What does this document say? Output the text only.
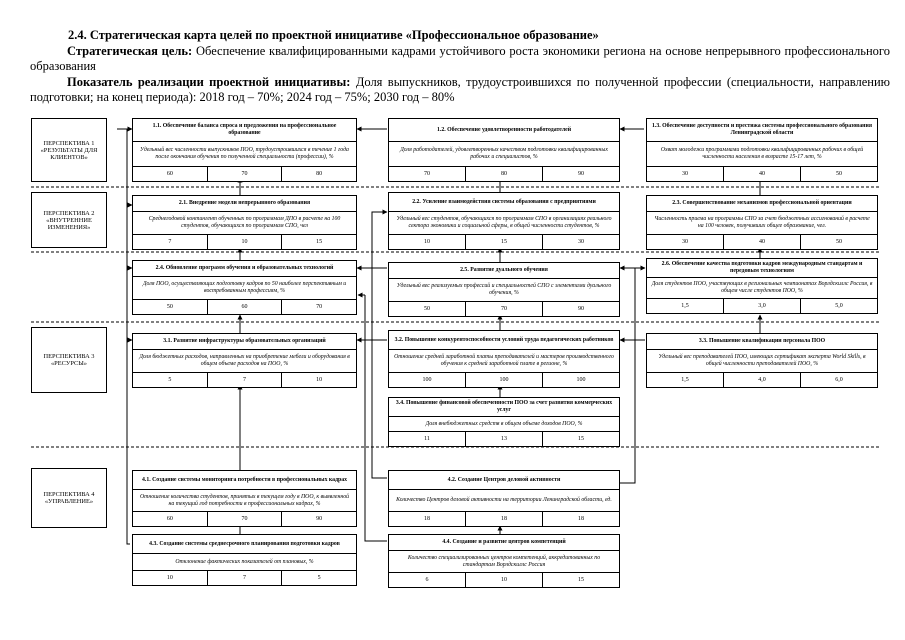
2.4. Стратегическая карта целей по проектной инициативе «Профессиональное образование»
Стратегическая цель: Обеспечение квалифицированными кадрами устойчивого роста экономики региона на основе непрерывного профессионального образования
Показатель реализации проектной инициативы: Доля выпускников, трудоустроившихся по полученной профессии (специальности, направлению подготовки; на конец периода): 2018 год – 70%; 2024 год – 75%; 2030 год – 80%
ПЕРСПЕКТИВА 1 «РЕЗУЛЬТАТЫ ДЛЯ КЛИЕНТОВ»
ПЕРСПЕКТИВА 2 «ВНУТРЕННИЕ ИЗМЕНЕНИЯ»
ПЕРСПЕКТИВА 3 «РЕСУРСЫ»
ПЕРСПЕКТИВА 4 «УПРАВЛЕНИЕ»
1.1. Обеспечение баланса спроса и предложения на профессиональное образование
Удельный вес численности выпускников ПОО, трудоустроившихся в течение 1 года после окончания обучения по полученной специальности (профессии), %
60	70	80
1.2. Обеспечение удовлетворенности работодателей
Доля работодателей, удовлетворенных качеством подготовки квалифицированных рабочих и специалистов, %
70	80	90
1.3. Обеспечение доступности и престижа системы профессионального образования Ленинградской области
Охват молодежи программами подготовки квалифицированных рабочих в общей численности населения в возрасте 15-17 лет, %
30	40	50
2.1. Внедрение модели непрерывного образования
Среднегодовой контингент обученных по программам ДПО в расчете на 100 студентов, обучающихся по программам СПО, чел
7	10	15
2.2. Усиление взаимодействия системы образования с предприятиями
Удельный вес студентов, обучающихся по программам СПО в организациях реального сектора экономики и социальной сферы, в общей численности студентов, %
10	15	30
2.3. Совершенствование механизмов профессиональной ориентации
Численность приема на программы СПО за счет бюджетных ассигнований в расчете на 100 человек, получивших общее образование, чел.
30	40	50
2.4. Обновление программ обучения и образовательных технологий
Доля ПОО, осуществляющих подготовку кадров по 50 наиболее перспективным и востребованным профессиям, %
50	60	70
2.5. Развитие дуального обучения
Удельный вес реализуемых профессий и специальностей СПО с элементами дуального обучения, %
50	70	90
2.6. Обеспечение качества подготовки кадров международным стандартам и передовым технологиям
Доля студентов ПОО, участвующих в региональных чемпионатах Ворлдскиллс Россия, в общем числе студентов ПОО, %
1,5	3,0	5,0
3.1. Развитие инфраструктуры образовательных организаций
Доля бюджетных расходов, направленных на приобретение мебели и оборудования в общем объеме расходов на ПОО, %
5	7	10
3.2. Повышение конкурентоспособности условий труда педагогических работников
Отношение средней заработной платы преподавателей и мастеров производственного обучения к средней заработной плате в регионе, %
100	100	100
3.3. Повышение квалификации персонала ПОО
Удельный вес преподавателей ПОО, имеющих сертификат эксперта World Skills, в общей численности преподавателей ПОО, %
1,5	4,0	6,0
3.4. Повышение финансовой обеспеченности ПОО за счет развития коммерческих услуг
Доля внебюджетных средств в общем объеме доходов ПОО, %
11	13	15
4.1. Создание системы мониторинга потребности в профессиональных кадрах
Отношение количества студентов, принятых в текущем году в ПОО, к выявленной на текущий год потребности в профессиональных кадрах, %
60	70	90
4.2. Создание Центров деловой активности
Количество Центров деловой активности на территории Ленинградской области, ед.
18	18	18
4.3. Создание системы среднесрочного планирования подготовки кадров
Отклонение фактических показателей от плановых, %
10	7	5
4.4. Создание и развитие центров компетенций
Количество специализированных центров компетенций, аккредитованных по стандартам Ворлдскиллс Россия
6	10	15
